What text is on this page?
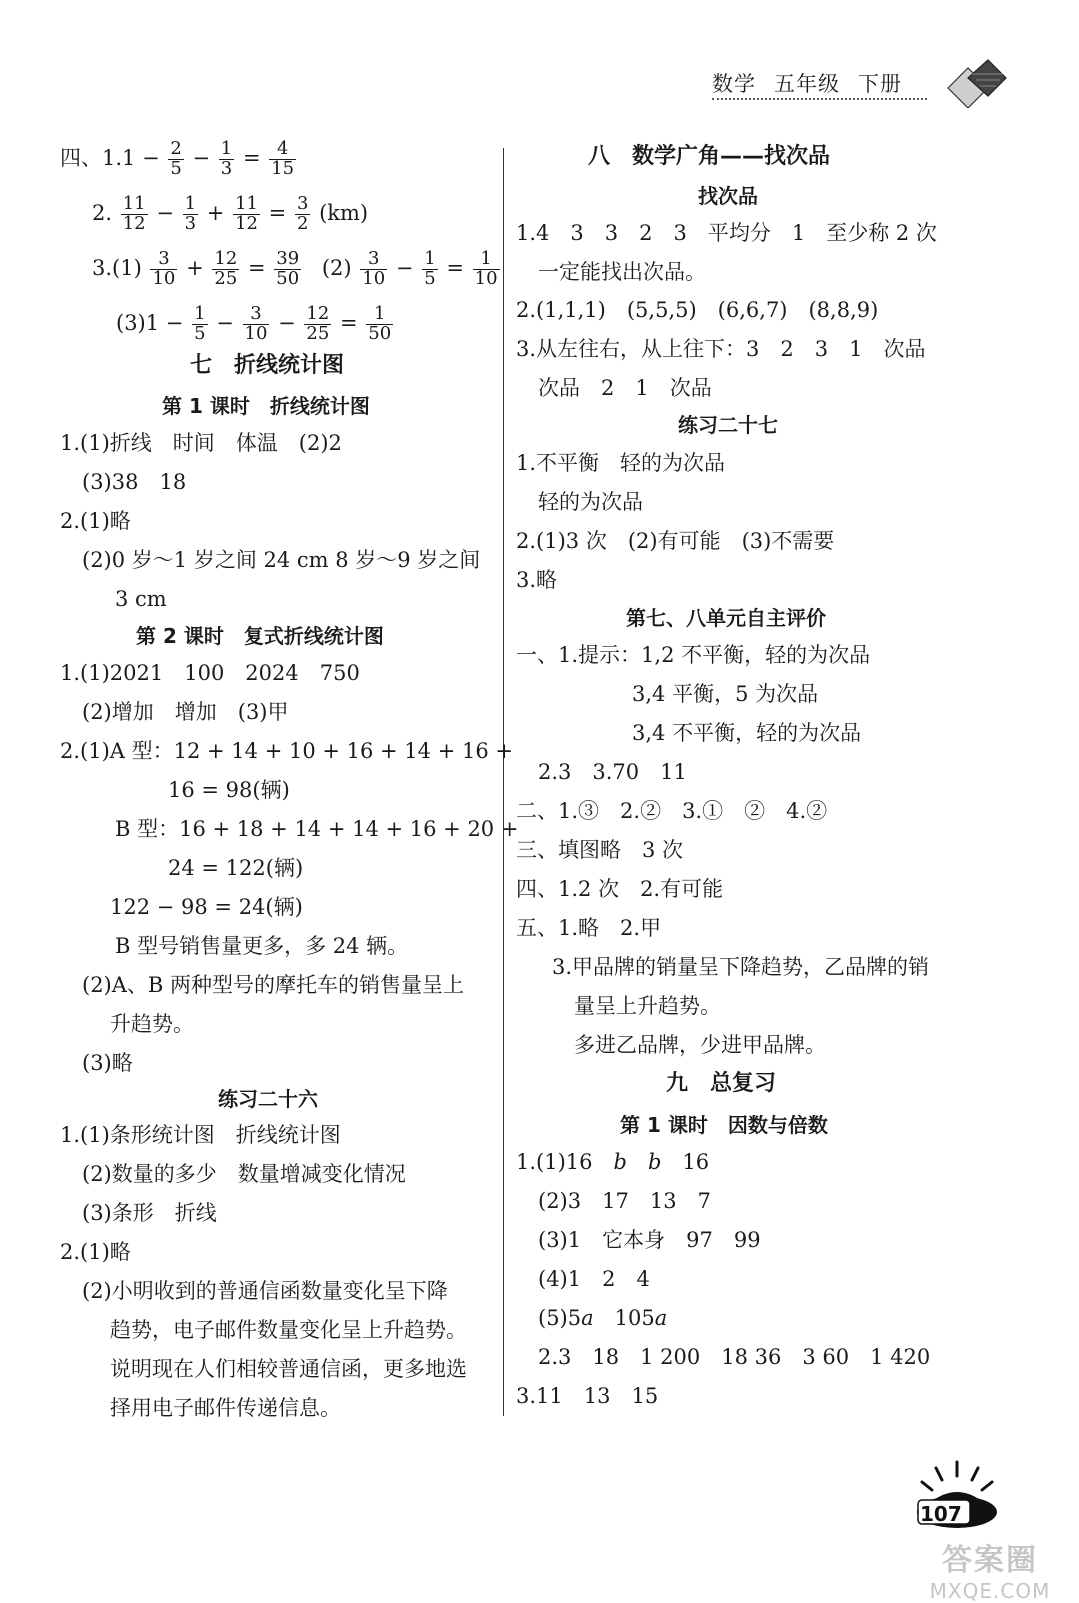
数学 五年级 下册
四、$1.1 - \frac{2}{5} - \frac{1}{3} = \frac{4}{15}$
2. $\frac{11}{12} - \frac{1}{3} + \frac{11}{12} = \frac{3}{2} (km)$
$3.(1) \frac{3}{10} + \frac{12}{25} = \frac{39}{50} (2) \frac{3}{10} - \frac{1}{5} = \frac{1}{10}$
$(3)1 - \frac{1}{5} - \frac{3}{10} - \frac{12}{25} = \frac{1}{50}$
七　折线统计图
第 1 课时　折线统计图
1.(1)折线　时间　体温　(2)2
(3)38　18
2.(1)略
(2)0 岁～1 岁之间 24 cm 8 岁～9 岁之间
3 cm
第 2 课时　复式折线统计图
1.(1)2021　100　2024　750
(2)增加　增加　(3)甲
2.(1)A 型：12 + 14 + 10 + 16 + 14 + 16 +
16 = 98(辆)
B 型：16 + 18 + 14 + 14 + 16 + 20 +
24 = 122(辆)
122 − 98 = 24(辆)
B 型号销售量更多，多 24 辆。
(2)A、B 两种型号的摩托车的销售量呈上
升趋势。
(3)略
练习二十六
1.(1)条形统计图　折线统计图
(2)数量的多少　数量增减变化情况
(3)条形　折线
2.(1)略
(2)小明收到的普通信函数量变化呈下降
趋势，电子邮件数量变化呈上升趋势。
说明现在人们相较普通信函，更多地选
择用电子邮件传递信息。
八　数学广角——找次品
找次品
1.4　3　3　2　3　平均分　1　至少称 2 次
一定能找出次品。
2.(1,1,1)　(5,5,5)　(6,6,7)　(8,8,9)
3.从左往右，从上往下：3　2　3　1　次品
次品　2　1　次品
练习二十七
1.不平衡　轻的为次品
轻的为次品
2.(1)3 次　(2)有可能　(3)不需要
3.略
第七、八单元自主评价
一、1.提示：1,2 不平衡，轻的为次品
3,4 平衡，5 为次品
3,4 不平衡，轻的为次品
2.3　3.70　11
二、1.③　2.②　3.①　②　4.②
三、填图略　3 次
四、1.2 次　2.有可能
五、1.略　2.甲
3.甲品牌的销量呈下降趋势，乙品牌的销
量呈上升趋势。
多进乙品牌，少进甲品牌。
九　总复习
第 1 课时　因数与倍数
1.(1)16　b　 b　16
(2)3　17　13　7
(3)1　它本身　97　99
(4)1　2　4
(5)5a　105a
2.3　18　1 200　18 36　3 60　1 420
3.11　13　15
107
答案圈
MXQE.COM
